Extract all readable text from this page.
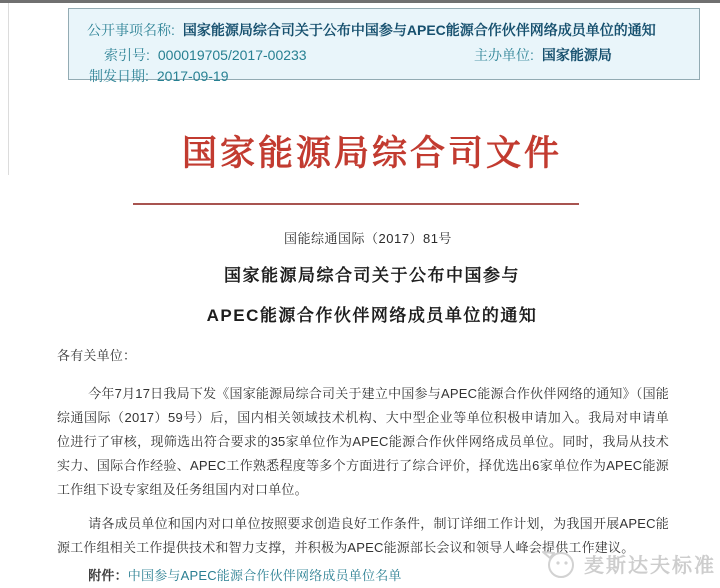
公开事项名称: 国家能源局综合司关于公布中国参与APEC能源合作伙伴网络成员单位的通知
索引号: 000019705/2017-00233	主办单位: 国家能源局
制发日期: 2017-09-19
国家能源局综合司文件
国能综通国际（2017）81号
国家能源局综合司关于公布中国参与
APEC能源合作伙伴网络成员单位的通知
各有关单位：

今年7月17日我局下发《国家能源局综合司关于建立中国参与APEC能源合作伙伴网络的通知》（国能综通国际（2017）59号）后，国内相关领域技术机构、大中型企业等单位积极申请加入。我局对申请单位进行了审核，现筛选出符合要求的35家单位作为APEC能源合作伙伴网络成员单位。同时，我局从技术实力、国际合作经验、APEC工作熟悉程度等多个方面进行了综合评价，择优选出6家单位作为APEC能源工作组下设专家组及任务组国内对口单位。

请各成员单位和国内对口单位按照要求创造良好工作条件，制订详细工作计划，为我国开展APEC能源工作组相关工作提供技术和智力支撑，并积极为APEC能源部长会议和领导人峰会提供工作建议。

附件：中国参与APEC能源合作伙伴网络成员单位名单	麦斯达夫标准
